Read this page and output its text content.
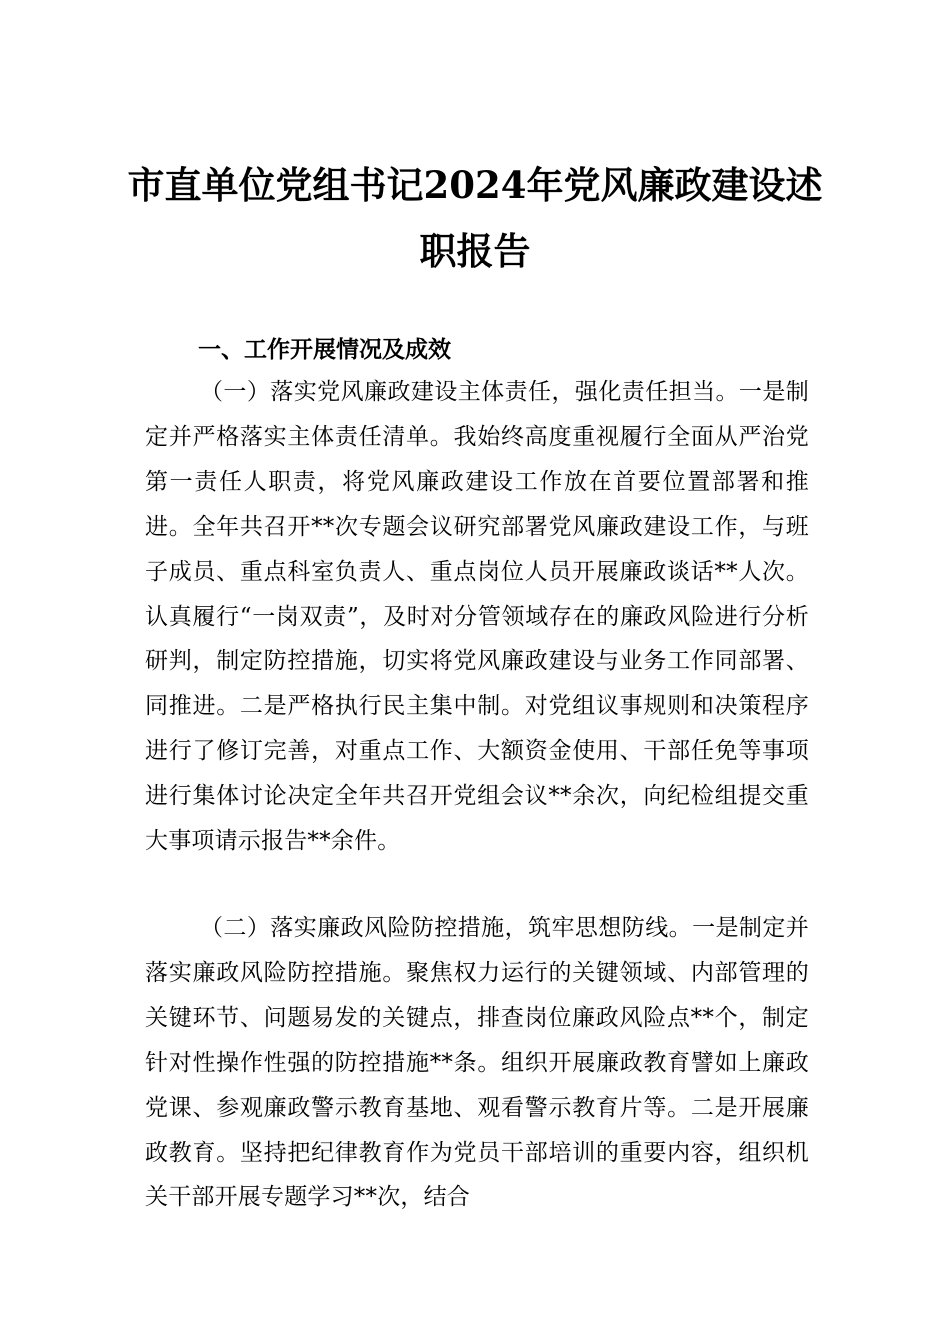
市直单位党组书记2024年党风廉政建设述
职报告
一、工作开展情况及成效

（一）落实党风廉政建设主体责任，强化责任担当。一是制定并严格落实主体责任清单。我始终高度重视履行全面从严治党第一责任人职责，将党风廉政建设工作放在首要位置部署和推进。全年共召开**次专题会议研究部署党风廉政建设工作，与班子成员、重点科室负责人、重点岗位人员开展廉政谈话**人次。认真履行“一岗双责”，及时对分管领域存在的廉政风险进行分析研判，制定防控措施，切实将党风廉政建设与业务工作同部署、同推进。二是严格执行民主集中制。对党组议事规则和决策程序进行了修订完善，对重点工作、大额资金使用、干部任免等事项进行集体讨论决定全年共召开党组会议**余次，向纪检组提交重大事项请示报告**余件。

（二）落实廉政风险防控措施，筑牢思想防线。一是制定并落实廉政风险防控措施。聚焦权力运行的关键领域、内部管理的关键环节、问题易发的关键点，排查岗位廉政风险点**个，制定针对性操作性强的防控措施**条。组织开展廉政教育譬如上廉政党课、参观廉政警示教育基地、观看警示教育片等。二是开展廉政教育。坚持把纪律教育作为党员干部培训的重要内容，组织机关干部开展专题学习**次，结合
